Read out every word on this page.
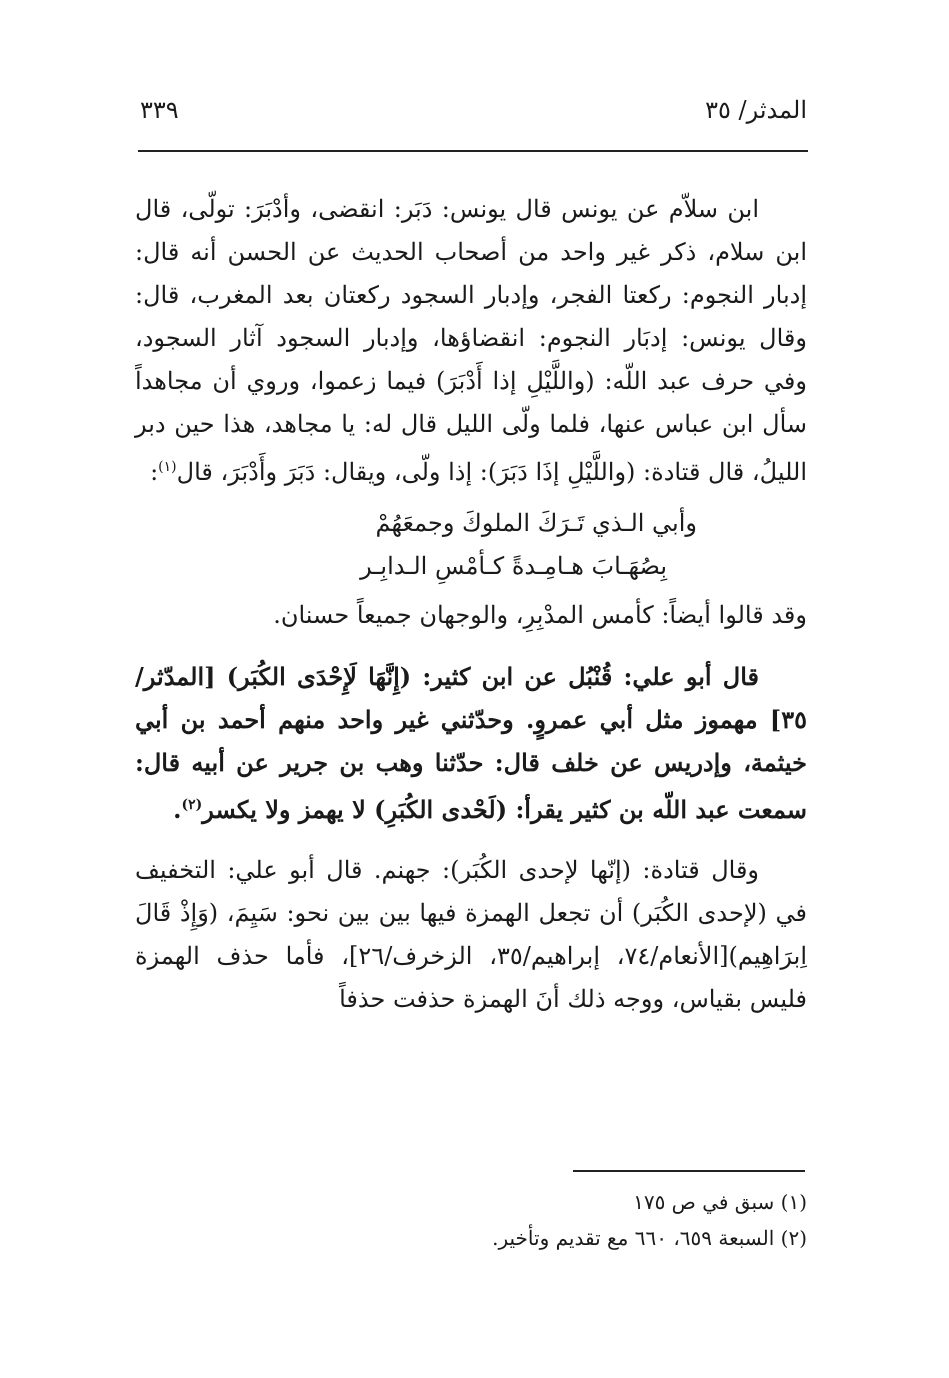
المدثر/ ٣٥
٣٣٩

ابن سلاّم عن يونس قال يونس: دَبَر: انقضى، وأدْبَرَ: تولّى، قال ابن سلام، ذكر غير واحد من أصحاب الحديث عن الحسن أنه قال: إدبار النجوم: ركعتا الفجر، وإدبار السجود ركعتان بعد المغرب، قال: وقال يونس: إدبَار النجوم: انقضاؤها، وإدبار السجود آثار السجود، وفي حرف عبد اللّه: (واللَّيْلِ إذا أَدْبَرَ) فيما زعموا، وروي أن مجاهداً سأل ابن عباس عنها، فلما ولّى الليل قال له: يا مجاهد، هذا حين دبر الليلُ، قال قتادة: (واللَّيْلِ إذَا دَبَرَ): إذا ولّى، ويقال: دَبَرَ وأَدْبَرَ، قال$^{(١)}$:

وأبي الـذي تَـرَكَ الملوكَ وجمعَهُمْ
بِصُهَـابَ هـامِـدةً كـأمْسِ الـدابِـر

وقد قالوا أيضاً: كأمس المدْبِرِ، والوجهان جميعاً حسنان.

قال أبو علي: قُنْبُل عن ابن كثير: (إِنَّهَا لَإِحْدَى الكُبَر) [المدّثر/٣٥] مهموز مثل أبي عمروٍ. وحدّثني غير واحد منهم أحمد بن أبي خيثمة، وإدريس عن خلف قال: حدّثنا وهب بن جرير عن أبيه قال: سمعت عبد اللّه بن كثير يقرأ: (لَحْدى الكُبَرِ) لا يهمز ولا يكسر$^{(٢)}$.

وقال قتادة: (إنّها لإحدى الكُبَر): جهنم. قال أبو علي: التخفيف في (لإحدى الكُبَر) أن تجعل الهمزة فيها بين بين نحو: سَيِمَ، (وَإِذْ قَالَ اِبرَاهِيم)[الأنعام/٧٤، إبراهيم/٣٥، الزخرف/٢٦]، فأما حذف الهمزة فليس بقياس، ووجه ذلك أنَ الهمزة حذفت حذفاً

(١) سبق في ص ١٧٥

(٢) السبعة ٦٥٩، ٦٦٠ مع تقديم وتأخير.
